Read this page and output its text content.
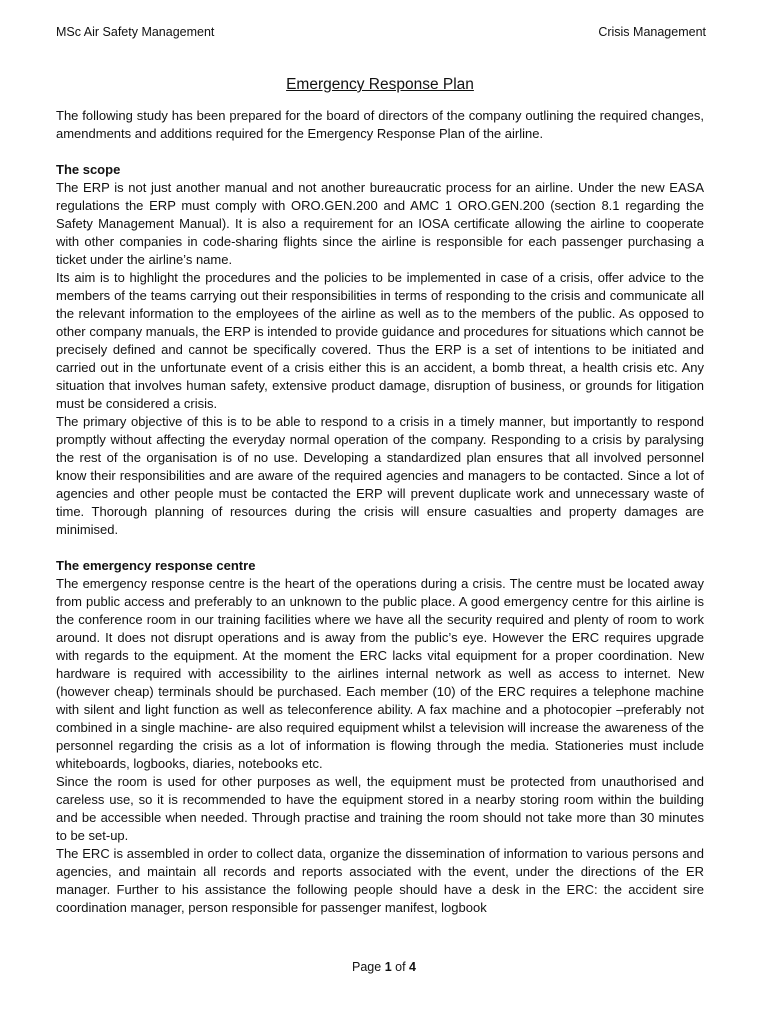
MSc Air Safety Management	Crisis Management
Emergency Response Plan

The following study has been prepared for the board of directors of the company outlining the required changes, amendments and additions required for the Emergency Response Plan of the airline.

The scope

The ERP is not just another manual and not another bureaucratic process for an airline. Under the new EASA regulations the ERP must comply with ORO.GEN.200 and AMC 1 ORO.GEN.200 (section 8.1 regarding the Safety Management Manual). It is also a requirement for an IOSA certificate allowing the airline to cooperate with other companies in code-sharing flights since the airline is responsible for each passenger purchasing a ticket under the airline’s name.

Its aim is to highlight the procedures and the policies to be implemented in case of a crisis, offer advice to the members of the teams carrying out their responsibilities in terms of responding to the crisis and communicate all the relevant information to the employees of the airline as well as to the members of the public. As opposed to other company manuals, the ERP is intended to provide guidance and procedures for situations which cannot be precisely defined and cannot be specifically covered. Thus the ERP is a set of intentions to be initiated and carried out in the unfortunate event of a crisis either this is an accident, a bomb threat, a health crisis etc. Any situation that involves human safety, extensive product damage, disruption of business, or grounds for litigation must be considered a crisis.

The primary objective of this is to be able to respond to a crisis in a timely manner, but importantly to respond promptly without affecting the everyday normal operation of the company. Responding to a crisis by paralysing the rest of the organisation is of no use. Developing a standardized plan ensures that all involved personnel know their responsibilities and are aware of the required agencies and managers to be contacted. Since a lot of agencies and other people must be contacted the ERP will prevent duplicate work and unnecessary waste of time. Thorough planning of resources during the crisis will ensure casualties and property damages are minimised.

The emergency response centre

The emergency response centre is the heart of the operations during a crisis. The centre must be located away from public access and preferably to an unknown to the public place. A good emergency centre for this airline is the conference room in our training facilities where we have all the security required and plenty of room to work around. It does not disrupt operations and is away from the public’s eye. However the ERC requires upgrade with regards to the equipment. At the moment the ERC lacks vital equipment for a proper coordination. New hardware is required with accessibility to the airlines internal network as well as access to internet. New (however cheap) terminals should be purchased. Each member (10) of the ERC requires a telephone machine with silent and light function as well as teleconference ability. A fax machine and a photocopier –preferably not combined in a single machine- are also required equipment whilst a television will increase the awareness of the personnel regarding the crisis as a lot of information is flowing through the media. Stationeries must include whiteboards, logbooks, diaries, notebooks etc.

Since the room is used for other purposes as well, the equipment must be protected from unauthorised and careless use, so it is recommended to have the equipment stored in a nearby storing room within the building and be accessible when needed. Through practise and training the room should not take more than 30 minutes to be set-up.

The ERC is assembled in order to collect data, organize the dissemination of information to various persons and agencies, and maintain all records and reports associated with the event, under the directions of the ER manager. Further to his assistance the following people should have a desk in the ERC: the accident sire coordination manager, person responsible for passenger manifest, logbook

Page 1 of 4
